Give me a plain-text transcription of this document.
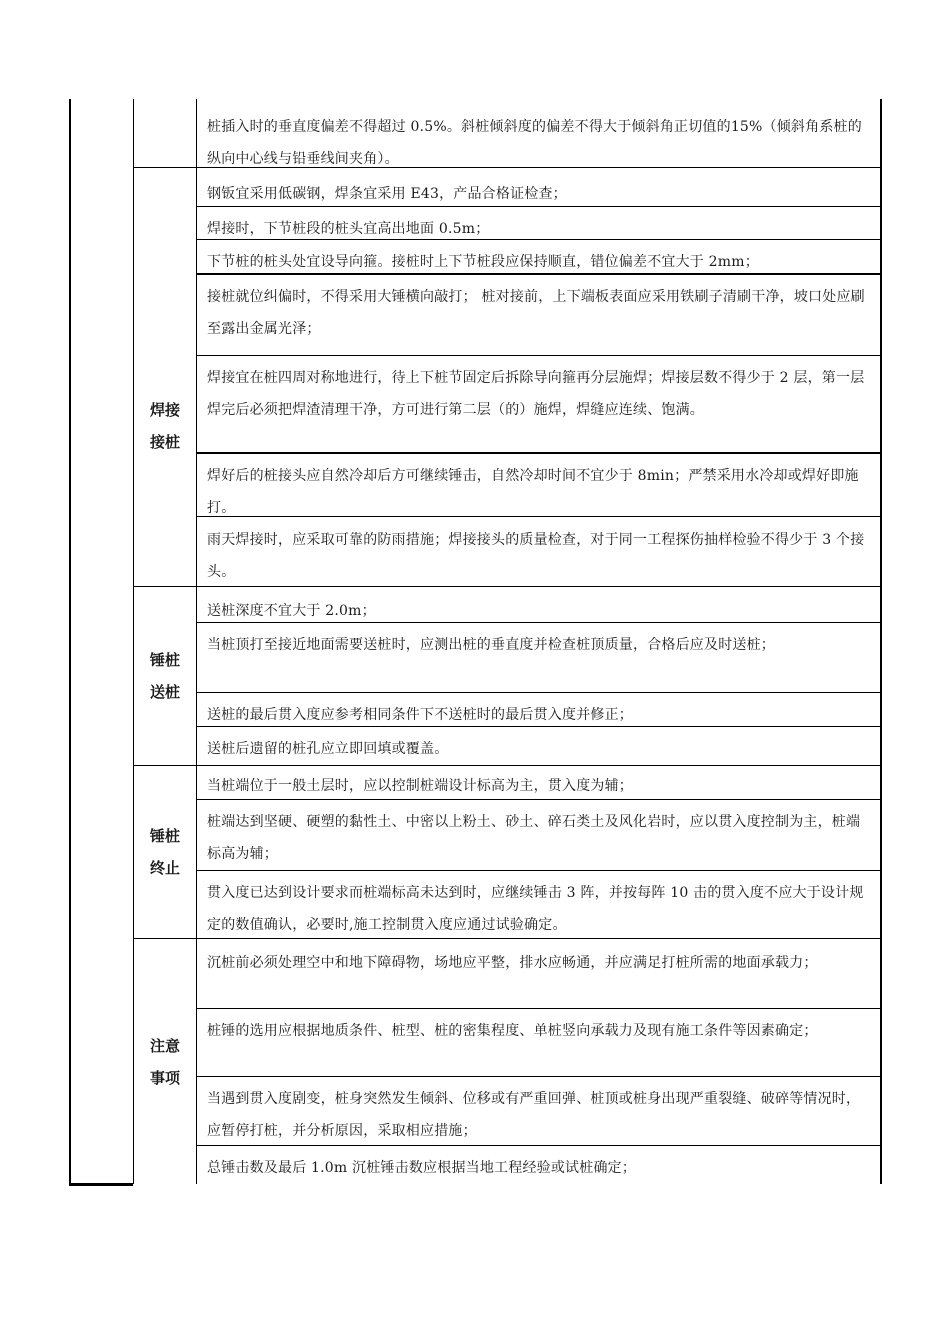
桩插入时的垂直度偏差不得超过 0.5%。斜桩倾斜度的偏差不得大于倾斜角正切值的15%（倾斜角系桩的纵向中心线与铅垂线间夹角）。
焊接接桩
钢钣宜采用低碳钢，焊条宜采用 E43，产品合格证检查；
焊接时，下节桩段的桩头宜高出地面 0.5m；
下节桩的桩头处宜设导向箍。接桩时上下节桩段应保持顺直，错位偏差不宜大于 2mm；
接桩就位纠偏时，不得采用大锤横向敲打； 桩对接前，上下端板表面应采用铁刷子清刷干净，坡口处应刷至露出金属光泽；
焊接宜在桩四周对称地进行，待上下桩节固定后拆除导向箍再分层施焊；焊接层数不得少于 2 层，第一层焊完后必须把焊渣清理干净，方可进行第二层（的）施焊，焊缝应连续、饱满。
焊好后的桩接头应自然冷却后方可继续锤击，自然冷却时间不宜少于 8min；严禁采用水冷却或焊好即施打。
雨天焊接时，应采取可靠的防雨措施；焊接接头的质量检查，对于同一工程探伤抽样检验不得少于 3 个接头。
锤桩送桩
送桩深度不宜大于 2.0m；
当桩顶打至接近地面需要送桩时，应测出桩的垂直度并检查桩顶质量，合格后应及时送桩；
送桩的最后贯入度应参考相同条件下不送桩时的最后贯入度并修正；
送桩后遗留的桩孔应立即回填或覆盖。
锤桩终止
当桩端位于一般土层时，应以控制桩端设计标高为主，贯入度为辅；
桩端达到坚硬、硬塑的黏性土、中密以上粉土、砂土、碎石类土及风化岩时，应以贯入度控制为主，桩端标高为辅；
贯入度已达到设计要求而桩端标高未达到时，应继续锤击 3 阵，并按每阵 10 击的贯入度不应大于设计规定的数值确认，必要时,施工控制贯入度应通过试验确定。
注意事项
沉桩前必须处理空中和地下障碍物，场地应平整，排水应畅通，并应满足打桩所需的地面承载力；
桩锤的选用应根据地质条件、桩型、桩的密集程度、单桩竖向承载力及现有施工条件等因素确定；
当遇到贯入度剧变，桩身突然发生倾斜、位移或有严重回弹、桩顶或桩身出现严重裂缝、破碎等情况时，应暂停打桩，并分析原因，采取相应措施；
总锤击数及最后 1.0m 沉桩锤击数应根据当地工程经验或试桩确定；
